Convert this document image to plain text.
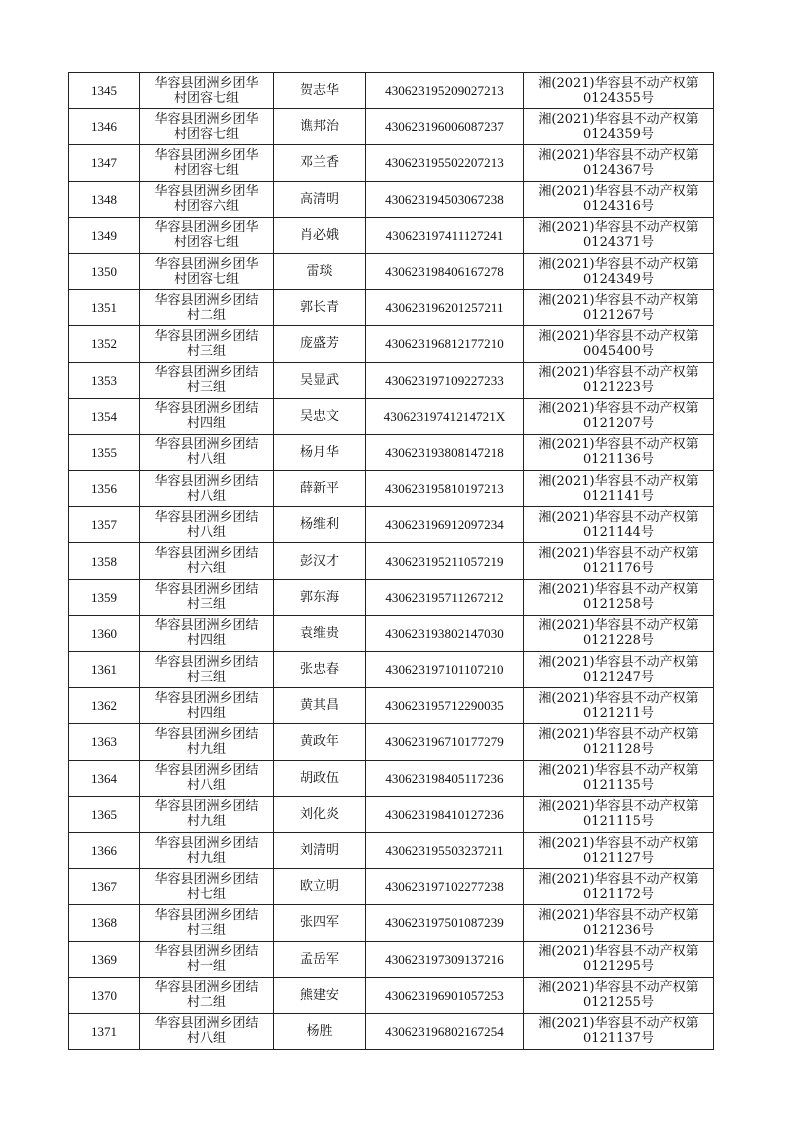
1345	华容县团洲乡团华
村团容七组	贺志华	430623195209027213	湘(2021)华容县不动产权第
0124355号

1346	华容县团洲乡团华
村团容七组	谯邦治	430623196006087237	湘(2021)华容县不动产权第
0124359号

1347	华容县团洲乡团华
村团容七组	邓兰香	430623195502207213	湘(2021)华容县不动产权第
0124367号

1348	华容县团洲乡团华
村团容六组	高清明	430623194503067238	湘(2021)华容县不动产权第
0124316号

1349	华容县团洲乡团华
村团容七组	肖必娥	430623197411127241	湘(2021)华容县不动产权第
0124371号

1350	华容县团洲乡团华
村团容七组	雷琰	430623198406167278	湘(2021)华容县不动产权第
0124349号

1351	华容县团洲乡团结
村二组	郭长青	430623196201257211	湘(2021)华容县不动产权第
0121267号

1352	华容县团洲乡团结
村三组	庞盛芳	430623196812177210	湘(2021)华容县不动产权第
0045400号

1353	华容县团洲乡团结
村三组	吴显武	430623197109227233	湘(2021)华容县不动产权第
0121223号

1354	华容县团洲乡团结
村四组	吴忠文	43062319741214721X	湘(2021)华容县不动产权第
0121207号

1355	华容县团洲乡团结
村八组	杨月华	430623193808147218	湘(2021)华容县不动产权第
0121136号

1356	华容县团洲乡团结
村八组	薛新平	430623195810197213	湘(2021)华容县不动产权第
0121141号

1357	华容县团洲乡团结
村八组	杨维利	430623196912097234	湘(2021)华容县不动产权第
0121144号

1358	华容县团洲乡团结
村六组	彭汉才	430623195211057219	湘(2021)华容县不动产权第
0121176号

1359	华容县团洲乡团结
村三组	郭东海	430623195711267212	湘(2021)华容县不动产权第
0121258号

1360	华容县团洲乡团结
村四组	袁维贵	430623193802147030	湘(2021)华容县不动产权第
0121228号

1361	华容县团洲乡团结
村三组	张忠春	430623197101107210	湘(2021)华容县不动产权第
0121247号

1362	华容县团洲乡团结
村四组	黄其昌	430623195712290035	湘(2021)华容县不动产权第
0121211号

1363	华容县团洲乡团结
村九组	黄政年	430623196710177279	湘(2021)华容县不动产权第
0121128号

1364	华容县团洲乡团结
村八组	胡政伍	430623198405117236	湘(2021)华容县不动产权第
0121135号

1365	华容县团洲乡团结
村九组	刘化炎	430623198410127236	湘(2021)华容县不动产权第
0121115号

1366	华容县团洲乡团结
村九组	刘清明	430623195503237211	湘(2021)华容县不动产权第
0121127号

1367	华容县团洲乡团结
村七组	欧立明	430623197102277238	湘(2021)华容县不动产权第
0121172号

1368	华容县团洲乡团结
村三组	张四军	430623197501087239	湘(2021)华容县不动产权第
0121236号

1369	华容县团洲乡团结
村一组	孟岳军	430623197309137216	湘(2021)华容县不动产权第
0121295号

1370	华容县团洲乡团结
村二组	熊建安	430623196901057253	湘(2021)华容县不动产权第
0121255号

1371	华容县团洲乡团结
村八组	杨胜	430623196802167254	湘(2021)华容县不动产权第
0121137号
